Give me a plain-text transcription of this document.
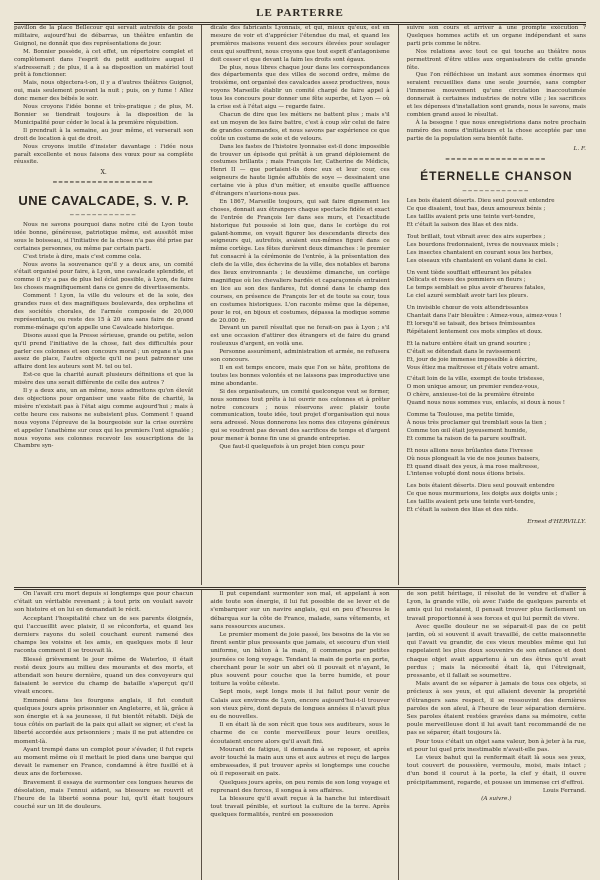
LE PARTERRE

pavillon de la place Bellecour qui servait autrefois de poste militaire, aujourd'hui de débarras, un théâtre enfantin de Guignol, ne donnât que des représentations de jour.

M. Bonnier possède, à cet effet, un répertoire complet et complètement dans l'esprit du petit auditoire auquel il s'adresserait ; de plus, il a à sa disposition un matériel tout prêt à fonctionner.

Mais, nous objectera-t-on, il y a d'autres théâtres Guignol, oui, mais seulement pouvant la nuit ; puis, on y fume ! Allez donc mener des bébés le soir.

Nous croyons l'idée bonne et très-pratique ; de plus, M. Bonnier se tiendrait toujours à la disposition de la Municipalité pour céder le local à la première réquisition.

Il prendrait à la semaine, au jour même, et verserait son droit de location à qui de droit.

Nous croyons inutile d'insister davantage : l'idée nous paraît excellente et nous faisons des vœux pour sa complète réussite.

X.
━━━━━━━━━━━━━━━━━━
UNE CAVALCADE, S. V. P.
────────────

Nous ne savons pourquoi dans notre cité de Lyon toute idée bonne, généreuse, patriotique même, est aussitôt mise sous le boisseau, si l'initiative de la chose n'a pas été prise par certaines personnes, ou même par certain parti.

C'est triste à dire, mais c'est comme cela.

Nous avons la souvenance qu'il y a deux ans, un comité s'était organisé pour faire, à Lyon, une cavalcade splendide, et comme il n'y a pas de plus bel éclat possible, à Lyon, de faire les choses magnifiquement dans ce genre de divertissements.

Comment ! Lyon, la ville du velours et de la soie, des grandes rues et des magnifiques boulevards, des orphelins et des sociétés chorales, de l'armée composée de 20,000 représentants, ou reste des 15 à 20 ans sans faire de grand romme-ménage qu'on appelle une Cavalcade historique.

Disons aussi que la Presse sérieuse, grande ou petite, selon qu'il prend l'initiative de la chose, fait des difficultés pour parler ces colonnes et son concours moral ; un organe n'a pas assez de place, l'autre objecte qu'il ne peut patronner une affaire dont les auteurs sont M. tel ou tel.

Est-ce que la charité aurait plusieurs définitions et que la misère des uns serait différente de celle des autres ?

Il y a deux ans, un an même, nous admettons qu'on élevât des objections pour organiser une vaste fête de charité, la misère n'existait pas à l'état aigu comme aujourd'hui ; mais à cette heure ces raisons ne subsistent plus. Comment ! quand nous voyons l'épreuve de la bourgeoisie sur la crise ouvrière et appeler l'anathème sur ceux qui les premiers l'ont signalée ; nous voyons ses colonnes recevoir les souscriptions de la Chambre syn-

dicale des fabricants Lyonnais, et qui, mieux qu'eux, est en mesure de voir et d'apprécier l'étendue du mal, et quand les premières maisons veuent des secours élevées pour soulager ceux qui souffrent, nous croyons que tout esprit d'antagonisme doit cesser et que devant la faim les droits sont égaux.

De plus, nous libres chaque jour dans les correspondances des départements que des villes de second ordre, même de troisième, ont organisé des cavalcades assez productives, nous voyons Marseille établir un comité chargé de faire appel à tous les concours pour donner une fête superbe, et Lyon — où la crise est à l'état aigu — regarde faire.

Chacun de dire que les métiers ne battent plus ; mais s'il est un moyen de les faire battre, c'est à coup sûr celui de faire de grandes commandes, et nous savons par expérience ce que coûte un costume de soie et de velours.

Dans les fastes de l'histoire lyonnaise est-il donc impossible de trouver un épisode qui prêtât à un grand déploiement de costumes brillants ; mais François Ier, Catherine de Médicis, Henri II — que portaient-ils donc eux et leur cour, ces seigneurs de haute lignée affublés de soye — dessinaient une certaine vie à plus d'un métier, et ensuite quelle affluence d'étrangers n'aurions-nous pas.

En 1867, Marseille toujours, qui sait faire dignement les choses, donnait aux étrangers chaque spectacle fidèle et exact de l'entrée de François Ier dans ses murs, et l'exactitude historique fut poussée si loin que, dans le cortège du roi galant-homme, on voyait figurer les descendants directs des seigneurs qui, autrefois, avaient eux-mêmes figuré dans ce même cortège. Les fêtes durèrent deux dimanches : le premier fut consacré à la cérémonie de l'entrée, à la présentation des clefs de la ville, des échevins de la ville, des notables et barons des lieux environnants ; le deuxième dimanche, un cortège magnifique où les chevaliers bardés et caparaçonnés entraient en lice au son des fanfares, fut donné dans le champ des courses, en présence de François Ier et de toute sa cour, tous en costumes historiques. L'on raconte même que la dépense, pour le roi, en bijoux et costumes, dépassa la modique somme de 20.000 fr.

Devant un pareil résultat que ne ferait-on pas à Lyon ; s'il est une occasion d'attirer des étrangers et de faire du grand rouleuxus d'argent, en voilà une.

Personne assurément, administration et armée, ne refusera son concours.

Il en est temps encore, mais que l'on se hâte, profitons de toutes les bonnes volontés et ne laissons pas improductive une mine abondante.

Si des organisateurs, un comité quelconque veut se former, nous sommes tout prêts à lui ouvrir nos colonnes et à prêter notre concours ; nous réservons avec plaisir toute communication, toute idée, tout projet d'organisation qui nous sera adressé. Nous donnerons les noms des citoyens généreux qui se voudront pas devant des sacrifices de temps et d'argent pour mener à bonne fin une si grande entreprise.

Que faut-il quelquefois à un projet bien conçu pour

suivre son cours et arriver à une prompte exécution ? Quelques hommes actifs et un organe indépendant et sans parti pris comme le nôtre.

Nos relations avec tout ce qui touche au théâtre nous permettront d'être utiles aux organisateurs de cette grande fête.

Que l'on réfléchisse un instant aux sommes énormes qui seraient recueillies dans une seule journée, sans compter l'immense mouvement qu'une circulation inaccoutumée donnerait à certaines industries de notre ville ; les sacrifices et les dépenses d'installation sont grands, nous le savons, mais combien grand aussi le résultat.

À la besogne ! que nous enregistrions dans notre prochain numéro des noms d'initiateurs et la chose acceptée par une partie de la population sera bientôt faite.

L. F.
━━━━━━━━━━━━━━━━━━
ÉTERNELLE CHANSON
────────────
Les bois étaient déserts. Dieu seul pouvait entendre
Ce que disaient, tout bas, deux amoureux bénis ;
Les taillis avaient pris une teinte vert-tendre,
Et c'était la saison des lilas et des nids.
Tout brillait, tout vibrait avec des airs superbes ;
Les bourdons fredonnaient, ivres de nouveaux miels ;
Les insectes chantaient en courant sous les herbes,
Les oiseaux vifs chantaient en volant dans le ciel.
Un vent tiède soufflait effleurant les pétales
Délicats et roses des pommiers en fleurs ;
Le temps semblait se plus avoir d'heures fatales,
Le ciel azuré semblait avoir tari les pleurs.
Un invisible chœur de voix attendrissantes
Chantait dans l'air bleuâtre : Aimez-vous, aimez-vous !
Et lorsqu'il se taisait, des brises frémissantes
Répétaient lentement ces mots simples et doux.
Et la nature entière était un grand sourire ;
C'était se détendait dans le ravissement
Et, jour de joie immense impossible à décrire,
Vous êtiez ma maîtresse et j'étais votre amant.
C'était loin de la ville, exempt de toute tristesse,
O mon unique amour, un premier rendez-vous,
O chère, anxieuse-toi de la première étreinte
Quand nous nous sommes vus, enlacés, si doux à nous !
Comme ta Toulouse, ma petite timide,
À nous très proclamer qui tremblait sous la tien ;
Comme ton œil était joyeusement humide,
Et comme ta raison de ta parure souffrait.
Et nous allions nous brûlantes dans l'ivresse
Où nous plongeait la vie de nos jeunes baisers,
Et quand disait des yeux, à ma rose maîtresse,
L'intense volupté dont nous étions brisés.
Les bois étaient déserts. Dieu seul pouvait entendre
Ce que nous murmurions, les doigts aux doigts unis ;
Les taillis avaient pris une teinte vert-tendre,
Et c'était la saison des lilas et des nids.
Ernest d'HERVILLY.

On l'avait cru mort depuis si longtemps que pour chacun c'était un véritable revenant ; à tout prix on voulait savoir son histoire et on lui en demandait le récit.

Acceptant l'hospitalité chez un de ses parents éloignés, qui l'accueillit avec plaisir, il se réconforta, et quand les derniers rayons du soleil couchant eurent ramené des champs les voisins et les amis, en quelques mots il leur raconta comment il se trouvait là.

Blessé grièvement le jour même de Waterloo, il était resté deux jours au milieu des mourants et des morts, et attendait son heure dernière, quand un des convoyeurs qui faisaient le service du champ de bataille s'aperçut qu'il vivait encore.

Emmené dans les fourgons anglais, il fut conduit quelques jours après prisonnier en Angleterre, et là, grâce à son énergie et à sa jeunesse, il fut bientôt rétabli. Déjà de tous côtés on parlait de la paix qui allait se signer, et c'est la liberté accordée aux prisonniers ; mais il ne put attendre ce moment-là.

Ayant trempé dans un complot pour s'évader, il fut repris au moment même où il mettait le pied dans une barque qui devait le ramener en France, condamné à être fusillé et à deux ans de forteresse.

Bravement il essaya de surmonter ces longues heures de désolation, mais l'ennui aidant, sa blessure se rouvrit et l'heure de la liberté sonna pour lui, qu'il était toujours couché sur un lit de douleurs.

Il put cependant surmonter son mal, et appelant à son aide toute son énergie, il lui fut possible de se lever et de s'embarquer sur un navire anglais, qui en peu d'heures le débarqua sur la côte de France, malade, sans vêtements, et sans ressources aucunes.

Le premier moment de joie passé, les besoins de la vie se firent sentir plus pressants que jamais, et secouru d'un vieil uniforme, un bâton à la main, il commença par petites journées ce long voyage. Tendant la main de porte en porte, cherchant pour le soir un abri où il pouvait et n'ayant, le plus souvent pour couche que la terre humide, et pour toiture la voûte céleste.

Sept mois, sept longs mois il lui fallut pour venir de Calais aux environs de Lyon, encore aujourd'hui-t-il trouver son vieux père, dont depuis de longues années il n'avait plus eu de nouvelles.

Il en était là de son récit que tous ses auditeurs, sous le charme de ce conte merveilleux pour leurs oreilles, écoutaient encore alors qu'il avait fini.

Mourant de fatigue, il demanda à se reposer, et après avoir touché la main aux uns et aux autres et reçu de larges embrassades, il put trouver après si longtemps une couche où il reposerait en paix.

Quelques jours après, on peu remis de son long voyage et reprenant des forces, il songea à ses affaires.

La blessure qu'il avait reçue à la hanche lui interdisait tout travail pénible, et surtout la culture de la terre. Après quelques formalités, rentré en possession

de son petit héritage, il résolut de le vendre et d'aller à Lyon, la grande ville, où avec l'aide de quelques parents et amis qui lui restaient, il pensait trouver plus facilement un travail proportionné à ses forces et qui lui permît de vivre.

Avec quelle douleur ne se séparait-il pas de ce petit jardin, où si souvent il avait travaillé, de cette maisonnette qui l'avait vu grandir, de ces vieux meubles même qui lui rappelaient les plus doux souvenirs de son enfance et dont chaque objet avait appartenu à un des êtres qu'il avait perdus ; mais la nécessité était là, qui l'étreignait, pressante, et il fallait se soumettre.

Mais avant de se séparer à jamais de tous ces objets, si précieux à ses yeux, et qui allaient devenir la propriété d'étrangers sans respect, il se ressouvint des dernières paroles de son aïeul, à l'heure de leur séparation dernière. Ses paroles étaient restées gravées dans sa mémoire, cette poule merveilleuse dont il lui avait tant recommandé de ne pas se séparer, était toujours là.

Pour tous c'était un objet sans valeur, bon à jeter à la rue, et pour lui quel prix inestimable n'avait-elle pas.

Le vieux bahut qui la renfermait était là sous ses yeux, tout couvert de poussière, vermoulu, moisi, mais intact ; d'un bond il courut à la porte, la clef y était, il ouvre précipitamment, regarde, et pousse un immense cri d'effroi.

Louis Ferrand.
(A suivre.)
